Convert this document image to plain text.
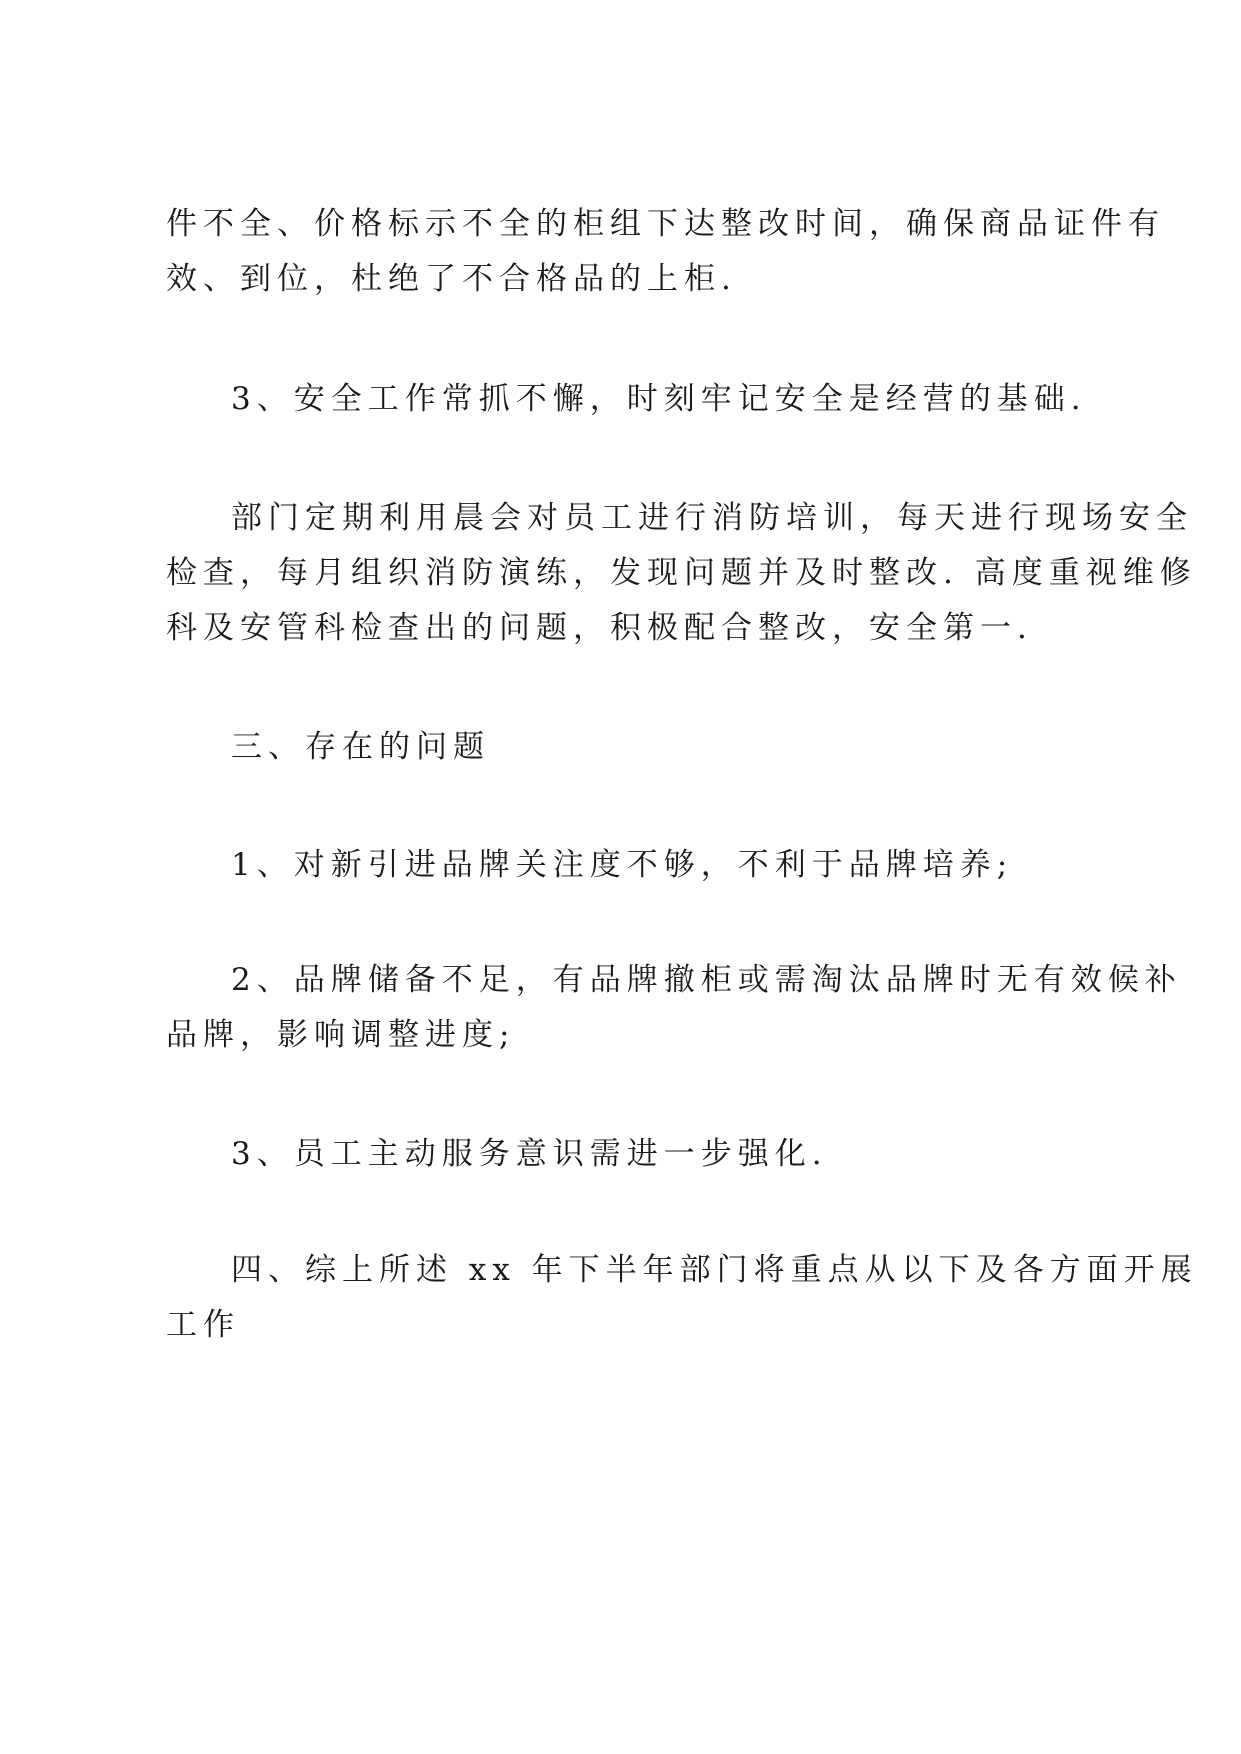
件不全、价格标示不全的柜组下达整改时间，确保商品证件有
效、到位，杜绝了不合格品的上柜.

3、安全工作常抓不懈，时刻牢记安全是经营的基础.

部门定期利用晨会对员工进行消防培训，每天进行现场安全
检查，每月组织消防演练，发现问题并及时整改. 高度重视维修
科及安管科检查出的问题，积极配合整改，安全第一.

三、存在的问题

1、对新引进品牌关注度不够，不利于品牌培养;

2、品牌储备不足，有品牌撤柜或需淘汰品牌时无有效候补
品牌，影响调整进度;

3、员工主动服务意识需进一步强化.

四、综上所述 xx 年下半年部门将重点从以下及各方面开展
工作
